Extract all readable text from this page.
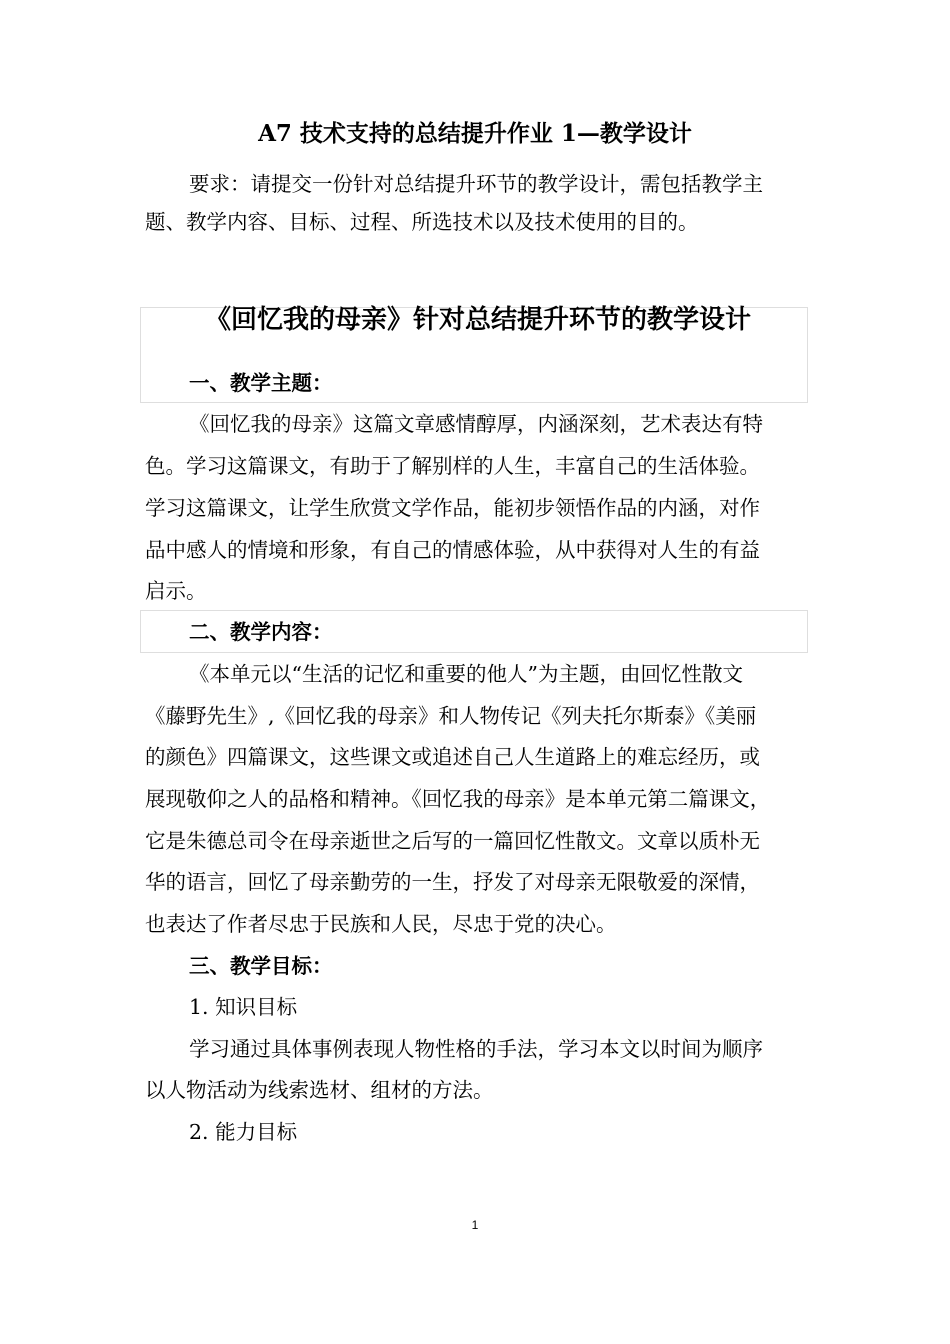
A7 技术支持的总结提升作业 1—教学设计

要求：请提交一份针对总结提升环节的教学设计，需包括教学主

题、教学内容、目标、过程、所选技术以及技术使用的目的。

《回忆我的母亲》针对总结提升环节的教学设计

一、教学主题：

《回忆我的母亲》这篇文章感情醇厚，内涵深刻，艺术表达有特

色。学习这篇课文，有助于了解别样的人生，丰富自己的生活体验。

学习这篇课文，让学生欣赏文学作品，能初步领悟作品的内涵，对作

品中感人的情境和形象，有自己的情感体验，从中获得对人生的有益

启示。

二、教学内容：

《本单元以“生活的记忆和重要的他人”为主题，由回忆性散文

《藤野先生》,《回忆我的母亲》和人物传记《列夫托尔斯泰》《美丽

的颜色》四篇课文，这些课文或追述自己人生道路上的难忘经历，或

展现敬仰之人的品格和精神。《回忆我的母亲》是本单元第二篇课文，

它是朱德总司令在母亲逝世之后写的一篇回忆性散文。文章以质朴无

华的语言，回忆了母亲勤劳的一生，抒发了对母亲无限敬爱的深情，

也表达了作者尽忠于民族和人民，尽忠于党的决心。

三、教学目标：

1. 知识目标

学习通过具体事例表现人物性格的手法，学习本文以时间为顺序

以人物活动为线索选材、组材的方法。

2. 能力目标

1
